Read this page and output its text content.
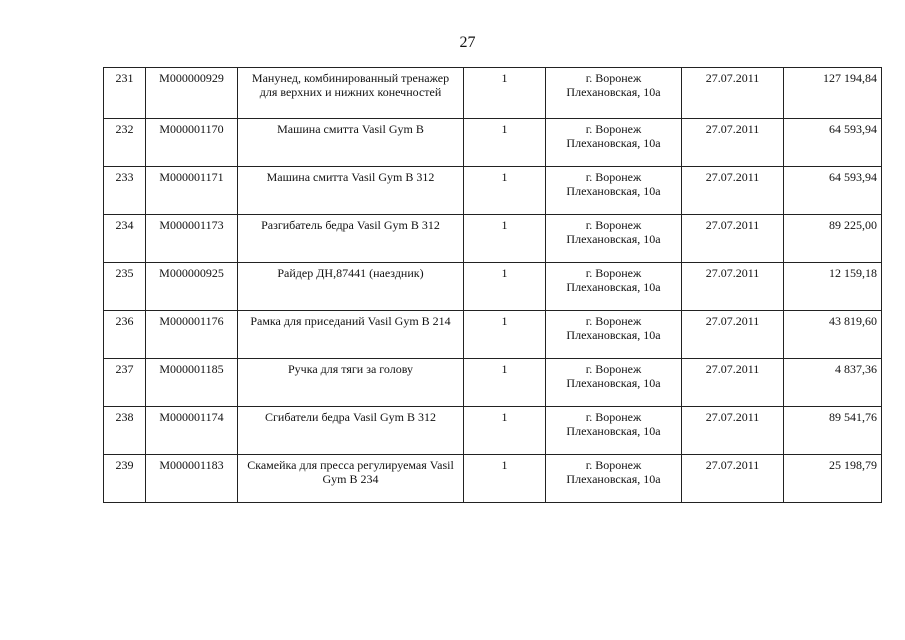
27
231	М000000929	Манунед, комбинированный тренажер для верхних и нижних конечностей	1	г. Воронеж
Плехановская, 10а	27.07.2011	127 194,84
232	М000001170	Машина смитта Vasil Gym B	1	г. Воронеж
Плехановская, 10а	27.07.2011	64 593,94
233	М000001171	Машина смитта Vasil Gym B 312	1	г. Воронеж
Плехановская, 10а	27.07.2011	64 593,94
234	М000001173	Разгибатель бедра Vasil Gym B 312	1	г. Воронеж
Плехановская, 10а	27.07.2011	89 225,00
235	М000000925	Райдер ДН,87441 (наездник)	1	г. Воронеж
Плехановская, 10а	27.07.2011	12 159,18
236	М000001176	Рамка для приседаний Vasil Gym B 214	1	г. Воронеж
Плехановская, 10а	27.07.2011	43 819,60
237	М000001185	Ручка для тяги за голову	1	г. Воронеж
Плехановская, 10а	27.07.2011	4 837,36
238	М000001174	Сгибатели бедра Vasil Gym B 312	1	г. Воронеж
Плехановская, 10а	27.07.2011	89 541,76
239	М000001183	Скамейка для пресса регулируемая Vasil Gym B 234	1	г. Воронеж
Плехановская, 10а	27.07.2011	25 198,79
